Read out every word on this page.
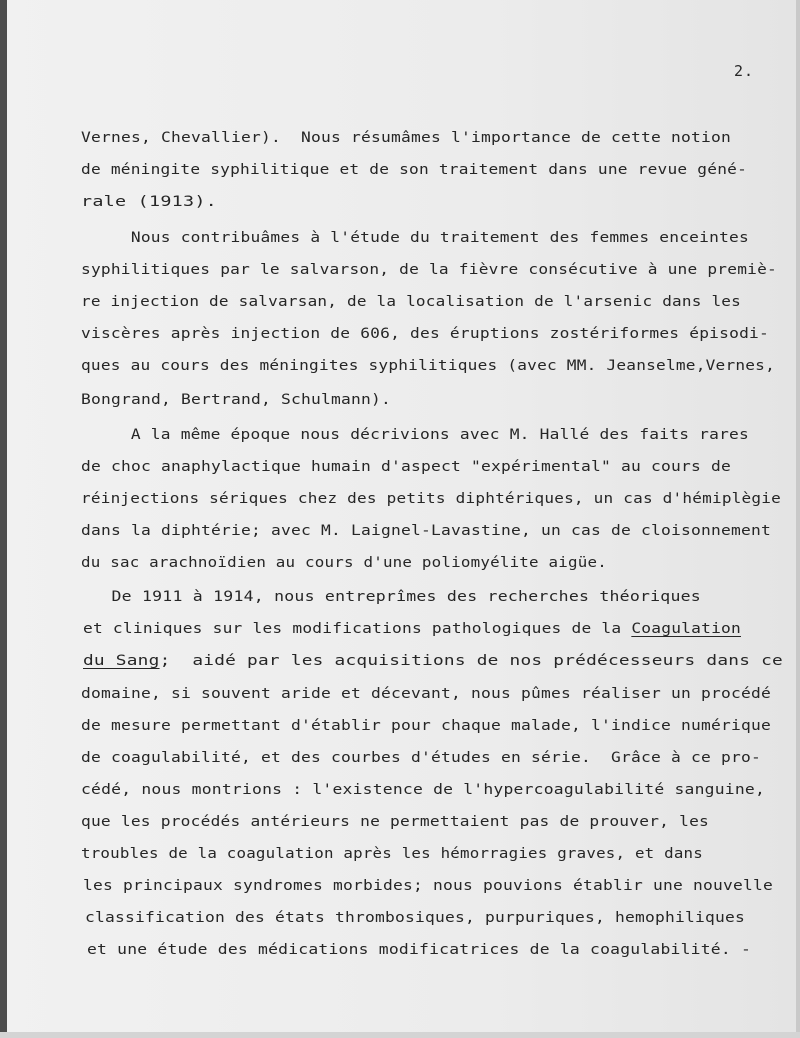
2.
Vernes, Chevallier).  Nous résumâmes l'importance de cette notion
de méningite syphilitique et de son traitement dans une revue géné-
rale (1913).
Nous contribuâmes à l'étude du traitement des femmes enceintes
syphilitiques par le salvarson, de la fièvre consécutive à une premiè-
re injection de salvarsan, de la localisation de l'arsenic dans les
viscères après injection de 606, des éruptions zostériformes épisodi-
ques au cours des méningites syphilitiques (avec MM. Jeanselme,Vernes,
Bongrand, Bertrand, Schulmann).
A la même époque nous décrivions avec M. Hallé des faits rares
de choc anaphylactique humain d'aspect "expérimental" au cours de
réinjections sériques chez des petits diphtériques, un cas d'hémiplègie
dans la diphtérie; avec M. Laignel-Lavastine, un cas de cloisonnement
du sac arachnoïdien au cours d'une poliomyélite aigüe.
De 1911 à 1914, nous entreprîmes des recherches théoriques
et cliniques sur les modifications pathologiques de la Coagulation
du Sang;  aidé par les acquisitions de nos prédécesseurs dans ce
domaine, si souvent aride et décevant, nous pûmes réaliser un procédé
de mesure permettant d'établir pour chaque malade, l'indice numérique
de coagulabilité, et des courbes d'études en série.  Grâce à ce pro-
cédé, nous montrions : l'existence de l'hypercoagulabilité sanguine,
que les procédés antérieurs ne permettaient pas de prouver, les
troubles de la coagulation après les hémorragies graves, et dans
les principaux syndromes morbides; nous pouvions établir une nouvelle
classification des états thrombosiques, purpuriques, hemophiliques
et une étude des médications modificatrices de la coagulabilité. -
